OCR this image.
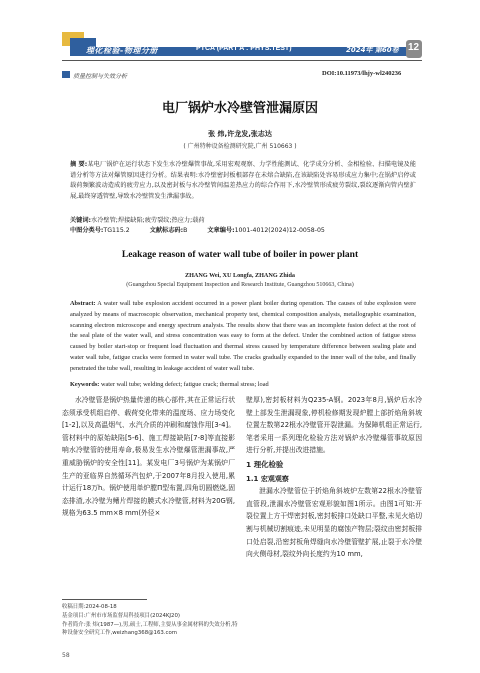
理化检验-物理分册	PTCA (PART A : PHYS.TEST)	2024年 第60卷 12
质量控制与失效分析	DOI:10.11973/lhjy-wl240236
电厂锅炉水冷壁管泄漏原因
张 炜,许龙发,张志达
( 广州特种设备检测研究院,广州 510663 )
摘 要:某电厂锅炉在运行状态下发生水冷壁爆管事故,采用宏观观察、力学性能测试、化学成分分析、金相检验、扫描电镜及能谱分析等方法对爆管原因进行分析。结果表明:水冷壁密封板根部存在未熔合缺陷,在该缺陷处容易形成应力集中;在锅炉启停或载荷频繁波动造成的疲劳应力,以及密封板与水冷壁管间温差热应力的综合作用下,水冷壁管形成疲劳裂纹,裂纹逐渐向管内壁扩展,最终穿透管壁,导致水冷壁管发生泄漏事故。
关键词:水冷壁管;焊接缺陷;疲劳裂纹;热应力;载荷
中图分类号:TG115.2	文献标志码:B	文章编号:1001-4012(2024)12-0058-05
Leakage reason of water wall tube of boiler in power plant
ZHANG Wei, XU Longfa, ZHANG Zhida
(Guangzhou Special Equipment Inspection and Research Institute, Guangzhou 510663, China)
Abstract: A water wall tube explosion accident occurred in a power plant boiler during operation. The causes of tube explosion were analyzed by means of macroscopic observation, mechanical property test, chemical composition analysis, metallographic examination, scanning electron microscope and energy spectrum analysis. The results show that there was an incomplete fusion defect at the root of the seal plate of the water wall, and stress concentration was easy to form at the defect. Under the combined action of fatigue stress caused by boiler start-stop or frequent load fluctuation and thermal stress caused by temperature difference between sealing plate and water wall tube, fatigue cracks were formed in water wall tube. The cracks gradually expanded to the inner wall of the tube, and finally penetrated the tube wall, resulting in leakage accident of water wall tube.
Keywords: water wall tube; welding defect; fatigue crack; thermal stress; load

水冷壁管是锅炉热量传递的核心部件,其在正常运行状态须承受机组启停、载荷变化带来的温度场、应力场变化[1-2],以及高温烟气、水汽介质的冲刷和腐蚀作用[3-4]。管材料中的原始缺陷[5-6]、施工焊接缺陷[7-8]等直接影响水冷壁管的使用寿命,极易发生水冷壁爆管泄漏事故,严重威胁锅炉的安全性[11]。某发电厂3号锅炉为某锅炉厂生产的亚临界自然循环汽包炉,于2007年8月投入使用,累计运行18万h。锅炉使用单炉膛Π型布置,四角切圆燃烧,固态排渣,水冷壁为鳍片焊接的膜式水冷壁管,材料为20G钢,规格为63.5 mm×8 mm(外径×

壁厚),密封板材料为Q235-A钢。2023年8月,锅炉后水冷壁上部发生泄漏现象,停机检修期发现炉膛上部折焰角斜坡位置左数第22根水冷壁管开裂泄漏。为保障机组正常运行,笔者采用一系列理化检验方法对锅炉水冷壁爆管事故原因进行分析,并提出改进措施。

1 理化检验
1.1 宏观观察

泄漏水冷壁管位于折焰角斜坡炉左数第22根水冷壁管直管段,泄漏水冷壁管宏观形貌如图1所示。由图1可知:开裂位置上方干焊密封板,密封板排口处缺口平整,未见火焰切割与机械切割痕迹,未见明显的腐蚀产物层;裂纹由密封板排口处启裂,沿密封板角焊缝向水冷壁管壁扩展,止裂于水冷壁向火侧母材,裂纹外向长度约为10 mm,

收稿日期:2024-08-18
基金项目:广州市市场监督局科技项目(2024KJ20)
作者简介:张 炜(1987—),男,硕士,工程师,主要从事金属材料的失效分析,特种设备安全研究工作,weizhang368@163.com
58
